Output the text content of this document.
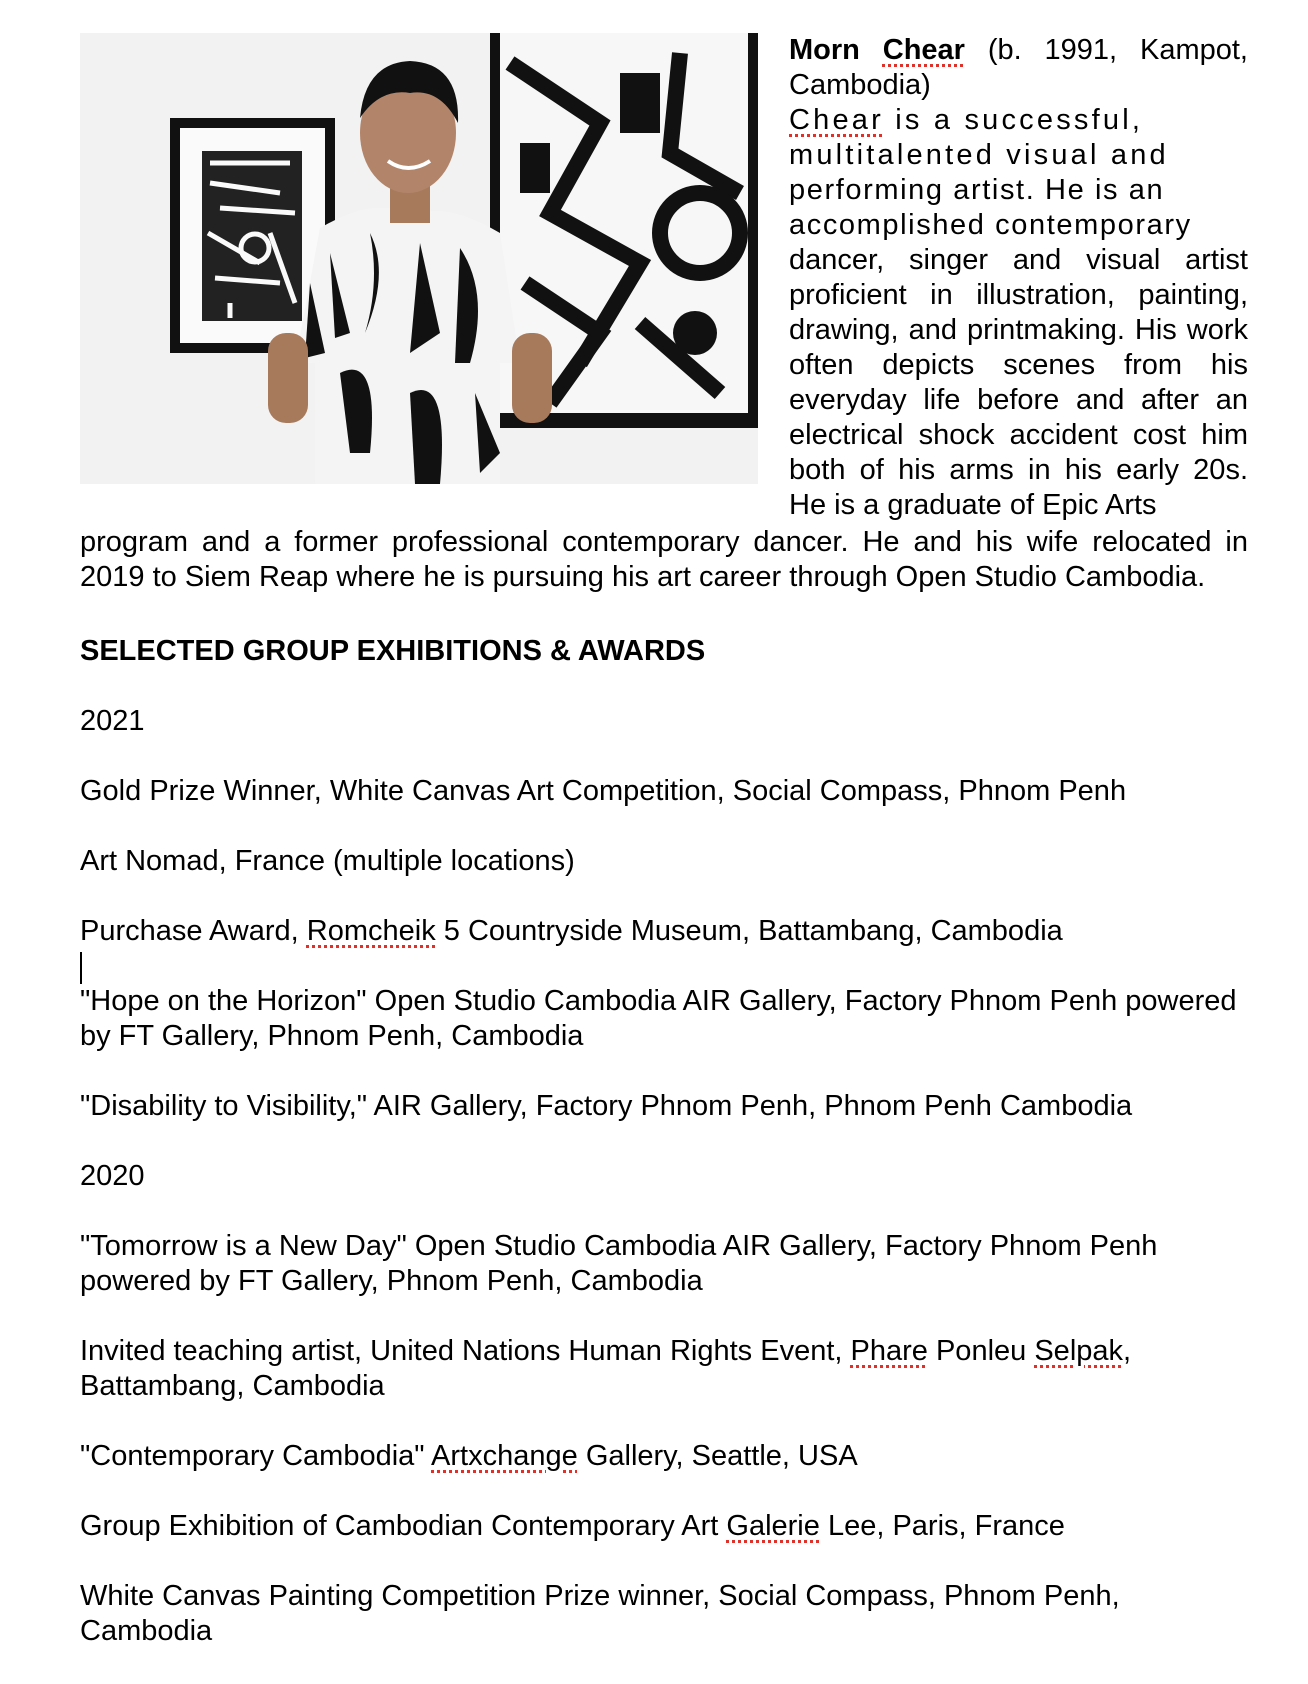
Morn Chear (b. 1991, Kampot, Cambodia)
Chear is a successful,
multitalented visual and
performing artist. He is an
accomplished contemporary
dancer, singer and visual artist proficient in illustration, painting, drawing, and printmaking. His work often depicts scenes from his everyday life before and after an electrical shock accident cost him both of his arms in his early 20s. He is a graduate of Epic Arts
program and a former professional contemporary dancer. He and his wife relocated in 2019 to Siem Reap where he is pursuing his art career through Open Studio Cambodia.
SELECTED GROUP EXHIBITIONS & AWARDS
2021
Gold Prize Winner, White Canvas Art Competition, Social Compass, Phnom Penh
Art Nomad, France (multiple locations)
Purchase Award, Romcheik 5 Countryside Museum, Battambang, Cambodia
"Hope on the Horizon" Open Studio Cambodia AIR Gallery, Factory Phnom Penh powered by FT Gallery, Phnom Penh, Cambodia
"Disability to Visibility," AIR Gallery, Factory Phnom Penh, Phnom Penh Cambodia
2020
"Tomorrow is a New Day" Open Studio Cambodia AIR Gallery, Factory Phnom Penh powered by FT Gallery, Phnom Penh, Cambodia
Invited teaching artist, United Nations Human Rights Event, Phare Ponleu Selpak, Battambang, Cambodia
"Contemporary Cambodia" Artxchange Gallery, Seattle, USA
Group Exhibition of Cambodian Contemporary Art Galerie Lee, Paris, France
White Canvas Painting Competition Prize winner, Social Compass, Phnom Penh, Cambodia
